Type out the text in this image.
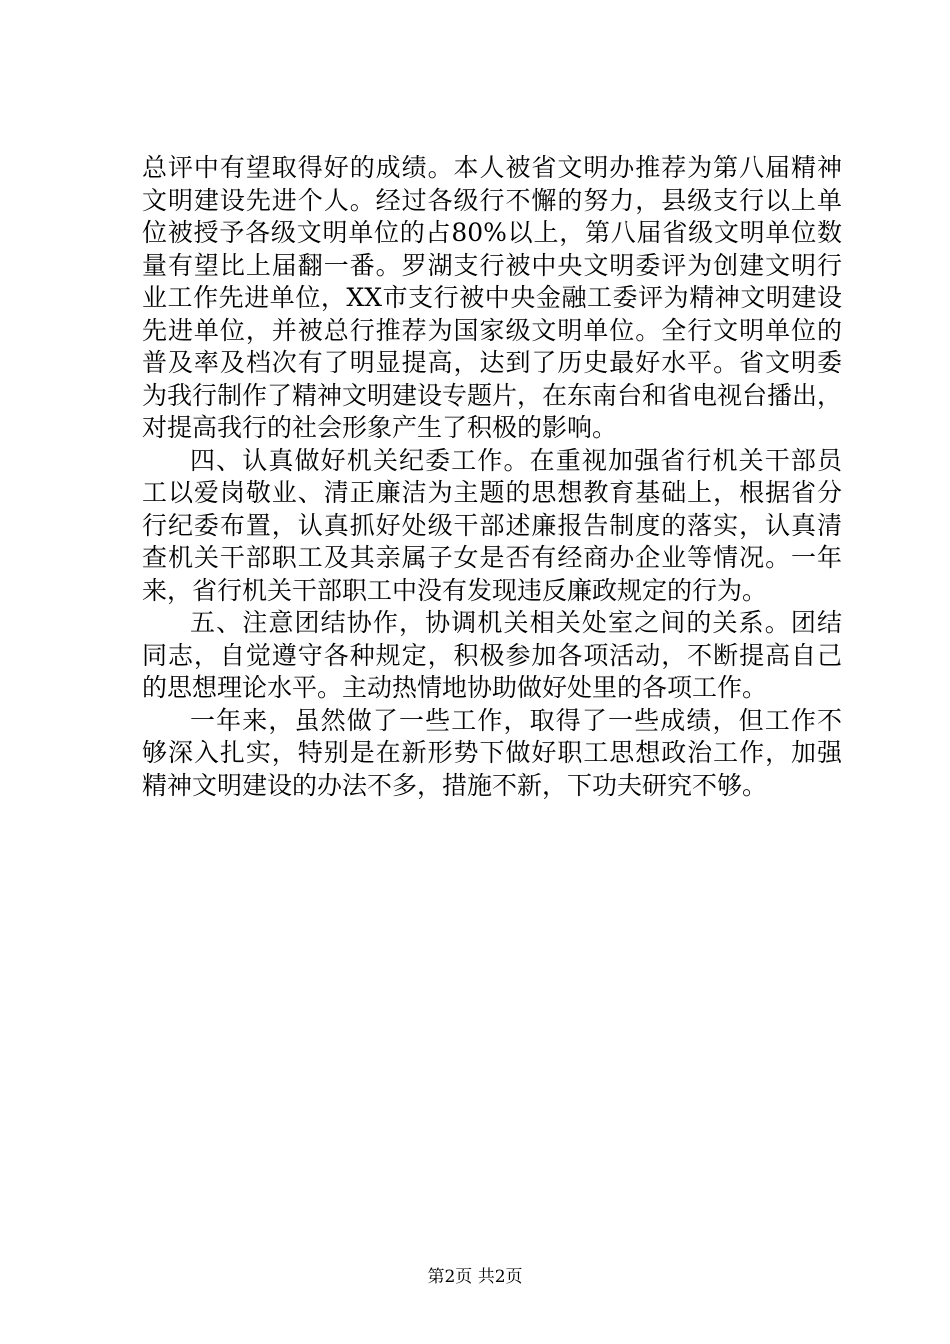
总评中有望取得好的成绩。本人被省文明办推荐为第八届精神
文明建设先进个人。经过各级行不懈的努力，县级支行以上单
位被授予各级文明单位的占80%以上，第八届省级文明单位数
量有望比上届翻一番。罗湖支行被中央文明委评为创建文明行
业工作先进单位，XX市支行被中央金融工委评为精神文明建设
先进单位，并被总行推荐为国家级文明单位。全行文明单位的
普及率及档次有了明显提高，达到了历史最好水平。省文明委
为我行制作了精神文明建设专题片，在东南台和省电视台播出，
对提高我行的社会形象产生了积极的影响。
四、认真做好机关纪委工作。在重视加强省行机关干部员
工以爱岗敬业、清正廉洁为主题的思想教育基础上，根据省分
行纪委布置，认真抓好处级干部述廉报告制度的落实，认真清
查机关干部职工及其亲属子女是否有经商办企业等情况。一年
来，省行机关干部职工中没有发现违反廉政规定的行为。
五、注意团结协作，协调机关相关处室之间的关系。团结
同志，自觉遵守各种规定，积极参加各项活动，不断提高自己
的思想理论水平。主动热情地协助做好处里的各项工作。
一年来，虽然做了一些工作，取得了一些成绩，但工作不
够深入扎实，特别是在新形势下做好职工思想政治工作，加强
精神文明建设的办法不多，措施不新，下功夫研究不够。
第2页 共2页
